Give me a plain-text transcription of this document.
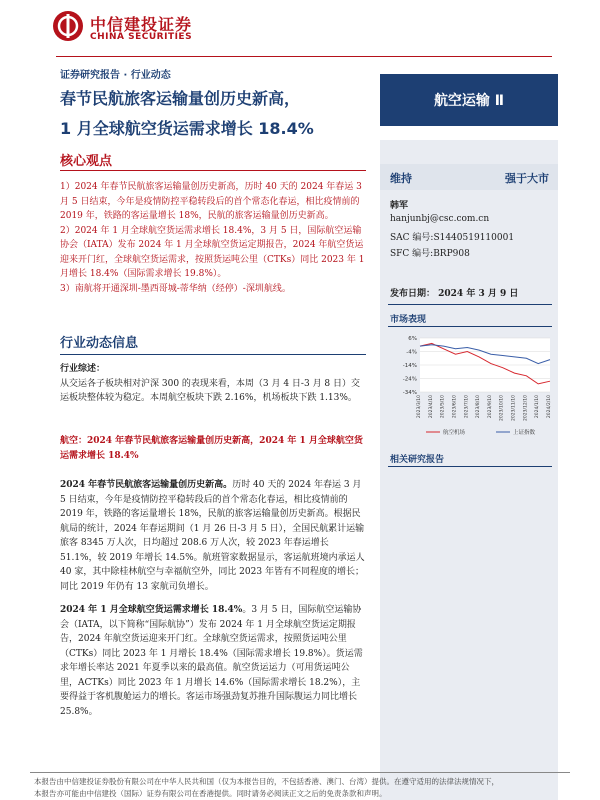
中信建投证券
CHINA SECURITIES
证券研究报告 · 行业动态
春节民航旅客运输量创历史新高，
1 月全球航空货运需求增长 18.4%
航空运输 Ⅱ
核心观点
1）2024 年春节民航旅客运输量创历史新高，历时 40 天的 2024 年春运 3 月 5 日结束，今年是疫情防控平稳转段后的首个常态化春运，相比疫情前的 2019 年，铁路的客运量增长 18%，民航的旅客运输量创历史新高。
2）2024 年 1 月全球航空货运需求增长 18.4%，3 月 5 日，国际航空运输协会（IATA）发布 2024 年 1 月全球航空货运定期报告，2024 年航空货运迎来开门红，全球航空货运需求，按照货运吨公里（CTKs）同比 2023 年 1 月增长 18.4%（国际需求增长 19.8%）。
3）南航将开通深圳-墨西哥城-蒂华纳（经停）-深圳航线。
行业动态信息
行业综述：
从交运各子板块相对沪深 300 的表现来看，本周（3 月 4 日-3 月 8 日）交运板块整体较为稳定。本周航空板块下跌 2.16%，机场板块下跌 1.13%。
航空：2024 年春节民航旅客运输量创历史新高，2024 年 1 月全球航空货运需求增长 18.4%
2024 年春节民航旅客运输量创历史新高。历时 40 天的 2024 年春运 3 月 5 日结束，今年是疫情防控平稳转段后的首个常态化春运，相比疫情前的 2019 年，铁路的客运量增长 18%，民航的旅客运输量创历史新高。根据民航局的统计，2024 年春运期间（1 月 26 日-3 月 5 日），全国民航累计运输旅客 8345 万人次，日均超过 208.6 万人次，较 2023 年春运增长 51.1%，较 2019 年增长 14.5%。航班管家数据显示，客运航班境内承运人 40 家，其中除桂林航空与幸福航空外，同比 2023 年皆有不同程度的增长；同比 2019 年仍有 13 家航司负增长。
2024 年 1 月全球航空货运需求增长 18.4%。3 月 5 日，国际航空运输协会（IATA，以下简称“国际航协”）发布 2024 年 1 月全球航空货运定期报告，2024 年航空货运迎来开门红。全球航空货运需求，按照货运吨公里（CTKs）同比 2023 年 1 月增长 18.4%（国际需求增长 19.8%）。货运需求年增长率达 2021 年夏季以来的最高值。航空货运运力（可用货运吨公里，ACTKs）同比 2023 年 1 月增长 14.6%（国际需求增长 18.2%），主要得益于客机腹舱运力的增长。客运市场强劲复苏推升国际腹运力同比增长 25.8%。
维持	强于大市
韩军
hanjunbj@csc.com.cn
SAC 编号:S1440519110001
SFC 编号:BRP908
发布日期： 2024 年 3 月 9 日
市场表现
6%
-4%
-14%
-24%
-34%
2023/3/10 2023/4/10 2023/5/10 2023/6/10 2023/7/10 2023/8/10 2023/9/10 2023/10/10 2023/11/10 2023/12/10 2024/1/10 2024/2/10
航空机场	上证指数
相关研究报告
本报告由中信建投证券股份有限公司在中华人民共和国（仅为本报告目的，不包括香港、澳门、台湾）提供。在遵守适用的法律法规情况下，
本报告亦可能由中信建投（国际）证券有限公司在香港提供。同时请务必阅读正文之后的免责条款和声明。
